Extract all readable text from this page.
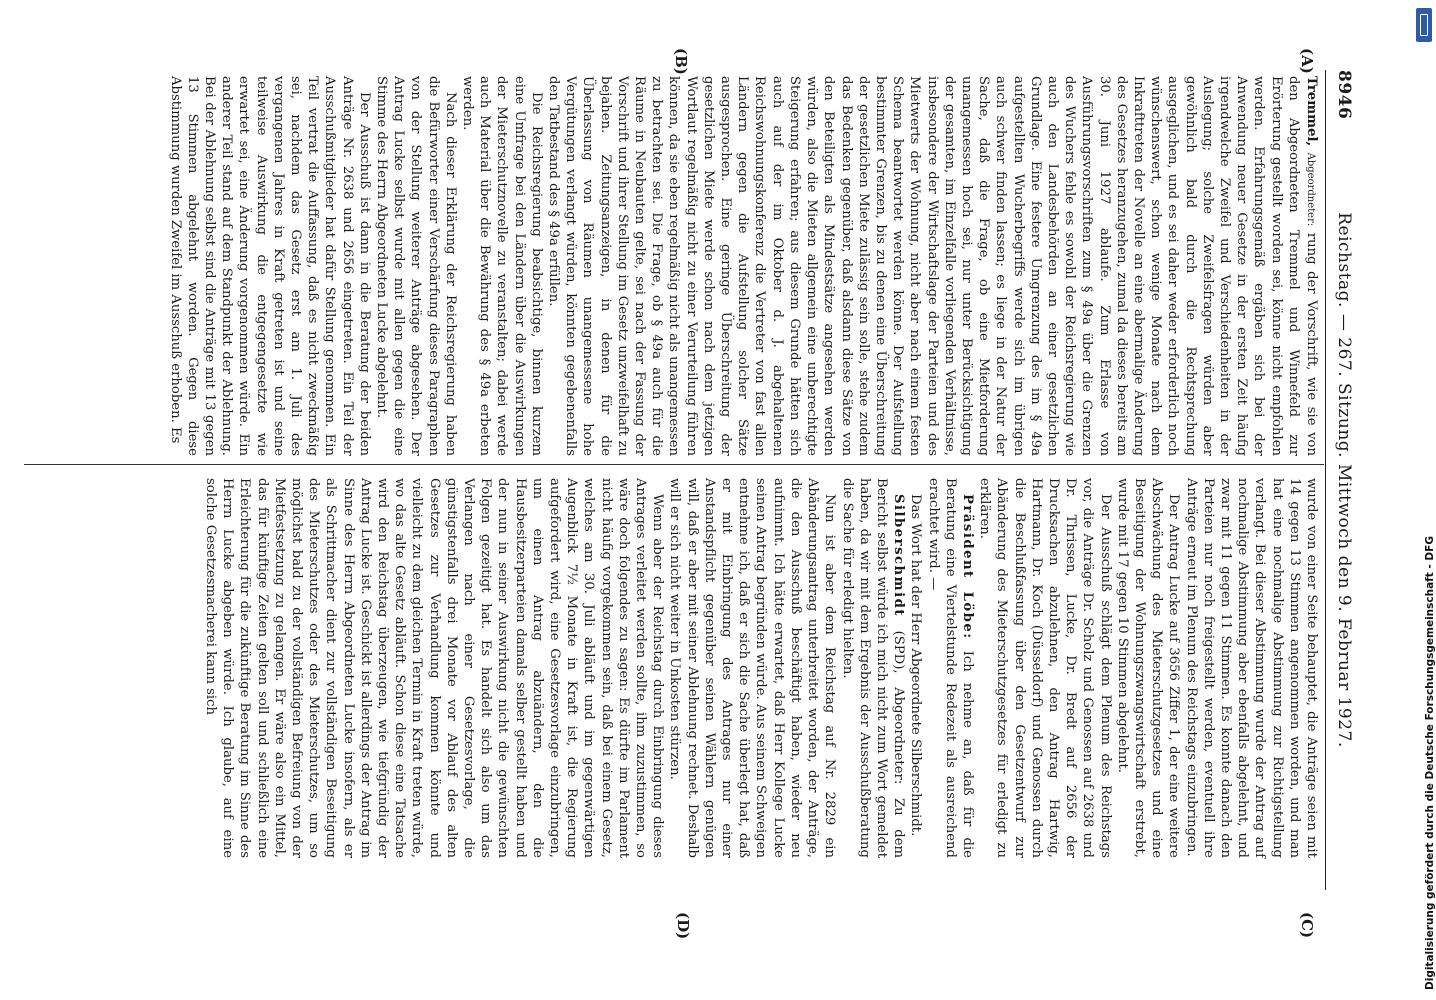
8946
Reichstag. — 267. Sitzung. Mittwoch den 9. Februar 1927.
(A)
(B)
(C)
(D)

Tremmel, Abgeordneter: rung der Vorschrift, wie sie von den Abgeordneten Tremmel und Winnefeld zur Erörterung gestellt worden sei, könne nicht empfohlen werden. Erfahrungsgemäß ergäben sich bei der Anwendung neuer Gesetze in der ersten Zeit häufig irgendwelche Zweifel und Verschiedenheiten in der Auslegung; solche Zweifelsfragen würden aber gewöhnlich bald durch die Rechtsprechung ausgeglichen, und es sei daher weder erforderlich noch wünschenswert, schon wenige Monate nach dem Inkrafttreten der Novelle an eine abermalige Änderung des Gesetzes heranzugehen, zumal da dieses bereits am 30. Juni 1927 ablaufe. Zum Erlasse von Ausführungsvorschriften zum § 49a über die Grenzen des Wuchers fehle es sowohl der Reichsregierung wie auch den Landesbehörden an einer gesetzlichen Grundlage. Eine festere Umgrenzung des im § 49a aufgestellten Wucherbegriffs werde sich im übrigen auch schwer finden lassen; es liege in der Natur der Sache, daß die Frage, ob eine Mietforderung unangemessen hoch sei, nur unter Berücksichtigung der gesamten, im Einzelfalle vorliegenden Verhältnisse, insbesondere der Wirtschaftslage der Parteien und des Mietwerts der Wohnung, nicht aber nach einem festen Schema beantwortet werden könne. Der Aufstellung bestimmter Grenzen, bis zu denen eine Überschreitung der gesetzlichen Miete zulässig sein solle, stehe zudem das Bedenken gegenüber, daß alsdann diese Sätze von den Beteiligten als Mindestsätze angesehen werden würden, also die Mieten allgemein eine unberechtigte Steigerung erfahren; aus diesem Grunde hätten sich auch auf der im Oktober d. J. abgehaltenen Reichswohnungskonferenz die Vertreter von fast allen Ländern gegen die Aufstellung solcher Sätze ausgesprochen. Eine geringe Überschreitung der gesetzlichen Miete werde schon nach dem jetzigen Wortlaut regelmäßig nicht zu einer Verurteilung führen können, da sie eben regelmäßig nicht als unangemessen zu betrachten sei. Die Frage, ob § 49a auch für die Räume in Neubauten gelte, sei nach der Fassung der Vorschrift und ihrer Stellung im Gesetz unzweifelhaft zu bejahen. Zeitungsanzeigen, in denen für die Überlassung von Räumen unangemessene hohe Vergütungen verlangt würden, könnten gegebenenfalls den Tatbestand des § 49a erfüllen.

Die Reichsregierung beabsichtige, binnen kurzem eine Umfrage bei den Ländern über die Auswirkungen der Mieterschutznovelle zu veranstalten; dabei werde auch Material über die Bewährung des § 49a erbeten werden.

Nach dieser Erklärung der Reichsregierung haben die Befürworter einer Verschärfung dieses Paragraphen von der Stellung weiterer Anträge abgesehen. Der Antrag Lucke selbst wurde mit allen gegen die eine Stimme des Herrn Abgeordneten Lucke abgelehnt.

Der Ausschuß ist dann in die Beratung der beiden Anträge Nr. 2638 und 2656 eingetreten. Ein Teil der Ausschußmitglieder hat dafür Stellung genommen. Ein Teil vertrat die Auffassung, daß es nicht zweckmäßig sei, nachdem das Gesetz erst am 1. Juli des vergangenen Jahres in Kraft getreten ist und seine teilweise Auswirkung die entgegengesetzte wie erwartet sei, eine Änderung vorgenommen würde. Ein anderer Teil stand auf dem Standpunkt der Ablehnung. Bei der Ablehnung selbst sind die Anträge mit 13 gegen 13 Stimmen abgelehnt worden. Gegen diese Abstimmung wurden Zweifel im Ausschuß erhoben. Es

wurde von einer Seite behauptet, die Anträge seien mit 14 gegen 13 Stimmen angenommen worden, und man hat eine nochmalige Abstimmung zur Richtigstellung verlangt. Bei dieser Abstimmung wurde der Antrag auf nochmalige Abstimmung aber ebenfalls abgelehnt, und zwar mit 11 gegen 11 Stimmen. Es konnte danach den Parteien nur noch freigestellt werden, eventuell ihre Anträge erneut im Plenum des Reichstags einzubringen.

Der Antrag Lucke auf 3656 Ziffer 1, der eine weitere Abschwächung des Mieterschutzgesetzes und eine Beseitigung der Wohnungszwangswirtschaft erstrebt, wurde mit 17 gegen 10 Stimmen abgelehnt.

Der Ausschuß schlägt dem Plenum des Reichstags vor, die Anträge Dr. Scholz und Genossen auf 2638 und Dr. Thrissen, Lucke, Dr. Bredt auf 2656 der Drucksachen abzulehnen, den Antrag Hartwig, Hartmann, Dr. Koch (Düsseldorf) und Genossen durch die Beschlußfassung über den Gesetzentwurf zur Abänderung des Mieterschutzgesetzes für erledigt zu erklären.

Präsident Löbe: Ich nehme an, daß für die Beratung eine Viertelstunde Redezeit als ausreichend erachtet wird. —

Das Wort hat der Herr Abgeordnete Silberschmidt.

Silberschmidt (SPD), Abgeordneter: Zu dem Bericht selbst würde ich mich nicht zum Wort gemeldet haben, da wir mit dem Ergebnis der Ausschußberatung die Sache für erledigt hielten.

Nun ist aber dem Reichstag auf Nr. 2829 ein Abänderungsantrag unterbreitet worden, der Anträge, die den Ausschuß beschäftigt haben, wieder neu aufnimmt. Ich hätte erwartet, daß Herr Kollege Lucke seinen Antrag begründen würde. Aus seinem Schweigen entnehme ich, daß er sich die Sache überlegt hat, daß er mit Einbringung des Antrages nur einer Anstandspflicht gegenüber seinen Wählern genügen will, daß er aber mit seiner Ablehnung rechnet. Deshalb will er sich nicht weiter in Unkosten stürzen.

Wenn aber der Reichstag durch Einbringung dieses Antrages verleitet werden sollte, ihm zuzustimmen, so wäre doch folgendes zu sagen: Es dürfte im Parlament nicht häufig vorgekommen sein, daß bei einem Gesetz, welches am 30. Juli abläuft und im gegenwärtigen Augenblick 7½ Monate in Kraft ist, die Regierung aufgefordert wird, eine Gesetzesvorlage einzubringen, um einen Antrag abzuändern, den die Hausbesitzerparteien damals selber gestellt haben und der nun in seiner Auswirkung nicht die gewünschten Folgen gezeitigt hat. Es handelt sich also um das Verlangen nach einer Gesetzesvorlage, die günstigstenfalls drei Monate vor Ablauf des alten Gesetzes zur Verhandlung kommen könnte und vielleicht zu dem gleichen Termin in Kraft treten würde, wo das alte Gesetz abläuft. Schon diese eine Tatsache wird den Reichstag überzeugen, wie tiefgründig der Antrag Lucke ist. Geschickt ist allerdings der Antrag im Sinne des Herrn Abgeordneten Lucke insofern, als er als Schrittmacher dient zur vollständigen Beseitigung des Mieterschutzes oder des Mieterschutzes, um so möglichst bald zu der vollständigen Befreiung von der Mietfestsetzung zu gelangen. Er wäre also ein Mittel, das für künftige Zeiten gelten soll und schließlich eine Erleichterung für die zukünftige Beratung im Sinne des Herrn Lucke abgeben würde. Ich glaube, auf eine solche Gesetzesmacherei kann sich	Digitalisierung gefördert durch die Deutsche Forschungsgemeinschaft - DFG
